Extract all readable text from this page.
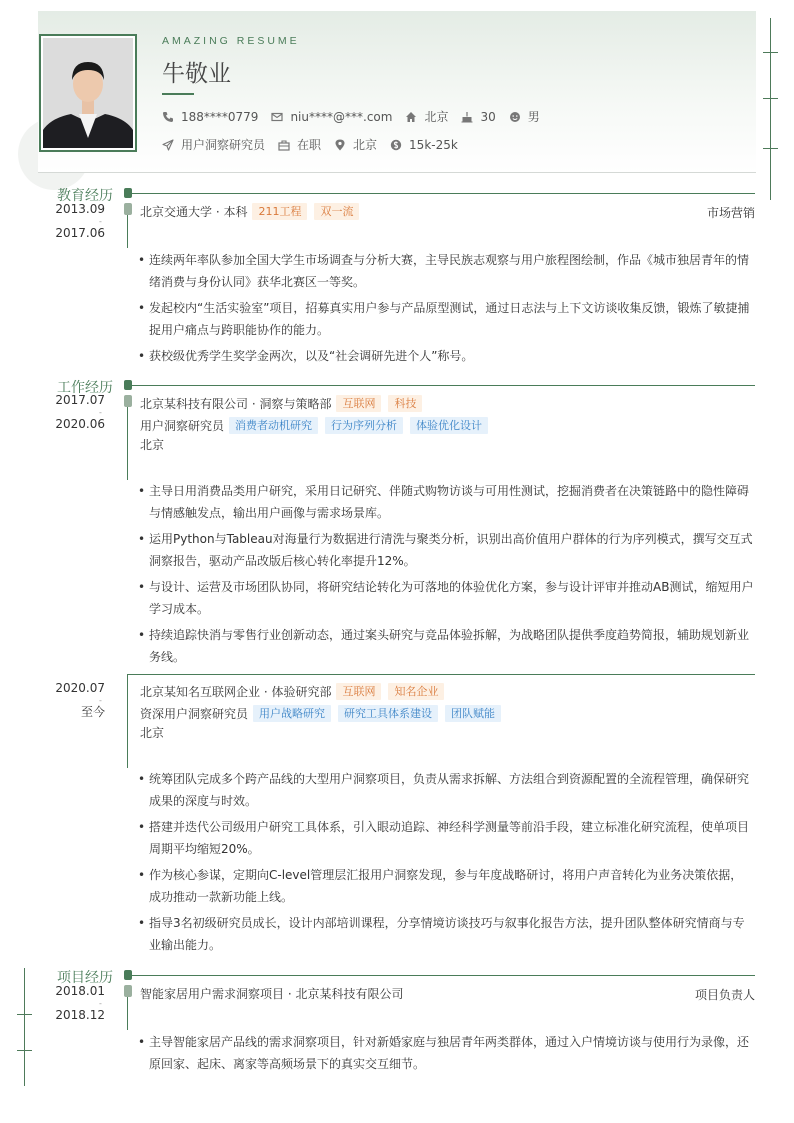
AMAZING RESUME
牛敬业
188****0779	niu****@***.com	北京	30	男
用户洞察研究员	在职	北京	15k-25k
教育经历
2013.09
-
2017.06
北京交通大学 · 本科	211工程	双一流	市场营销
• 连续两年率队参加全国大学生市场调查与分析大赛，主导民族志观察与用户旅程图绘制，作品《城市独居青年的情绪消费与身份认同》获华北赛区一等奖。
• 发起校内“生活实验室”项目，招募真实用户参与产品原型测试，通过日志法与上下文访谈收集反馈，锻炼了敏捷捕捉用户痛点与跨职能协作的能力。
• 获校级优秀学生奖学金两次，以及“社会调研先进个人”称号。
工作经历
2017.07
-
2020.06
北京某科技有限公司 · 洞察与策略部	互联网	科技
用户洞察研究员	消费者动机研究	行为序列分析	体验优化设计
北京
• 主导日用消费品类用户研究，采用日记研究、伴随式购物访谈与可用性测试，挖掘消费者在决策链路中的隐性障碍与情感触发点，输出用户画像与需求场景库。
• 运用Python与Tableau对海量行为数据进行清洗与聚类分析，识别出高价值用户群体的行为序列模式，撰写交互式洞察报告，驱动产品改版后核心转化率提升12%。
• 与设计、运营及市场团队协同，将研究结论转化为可落地的体验优化方案，参与设计评审并推动AB测试，缩短用户学习成本。
• 持续追踪快消与零售行业创新动态，通过案头研究与竞品体验拆解，为战略团队提供季度趋势简报，辅助规划新业务线。
2020.07
-
至今
北京某知名互联网企业 · 体验研究部	互联网	知名企业
资深用户洞察研究员	用户战略研究	研究工具体系建设	团队赋能
北京
• 统筹团队完成多个跨产品线的大型用户洞察项目，负责从需求拆解、方法组合到资源配置的全流程管理，确保研究成果的深度与时效。
• 搭建并迭代公司级用户研究工具体系，引入眼动追踪、神经科学测量等前沿手段，建立标准化研究流程，使单项目周期平均缩短20%。
• 作为核心参谋，定期向C-level管理层汇报用户洞察发现，参与年度战略研讨，将用户声音转化为业务决策依据，成功推动一款新功能上线。
• 指导3名初级研究员成长，设计内部培训课程，分享情境访谈技巧与叙事化报告方法，提升团队整体研究情商与专业输出能力。
项目经历
2018.01
-
2018.12
智能家居用户需求洞察项目 · 北京某科技有限公司	项目负责人
• 主导智能家居产品线的需求洞察项目，针对新婚家庭与独居青年两类群体，通过入户情境访谈与使用行为录像，还原回家、起床、离家等高频场景下的真实交互细节。
